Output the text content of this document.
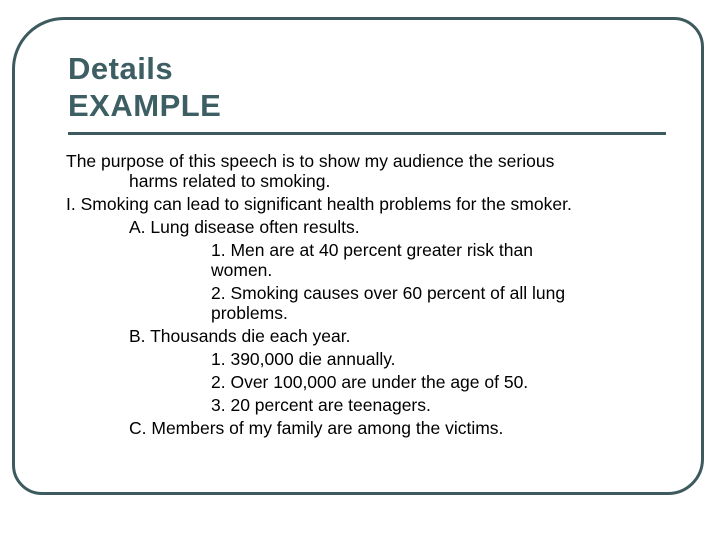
Details
EXAMPLE
The purpose of this speech is to show my audience the serious
harms related to smoking.
I. Smoking can lead to significant health problems for the smoker.
A. Lung disease often results.
1. Men are at 40 percent greater risk than
women.
2. Smoking causes over 60 percent of all lung
problems.
B. Thousands die each year.
1. 390,000 die annually.
2. Over 100,000 are under the age of 50.
3. 20 percent are teenagers.
C. Members of my family are among the victims.
